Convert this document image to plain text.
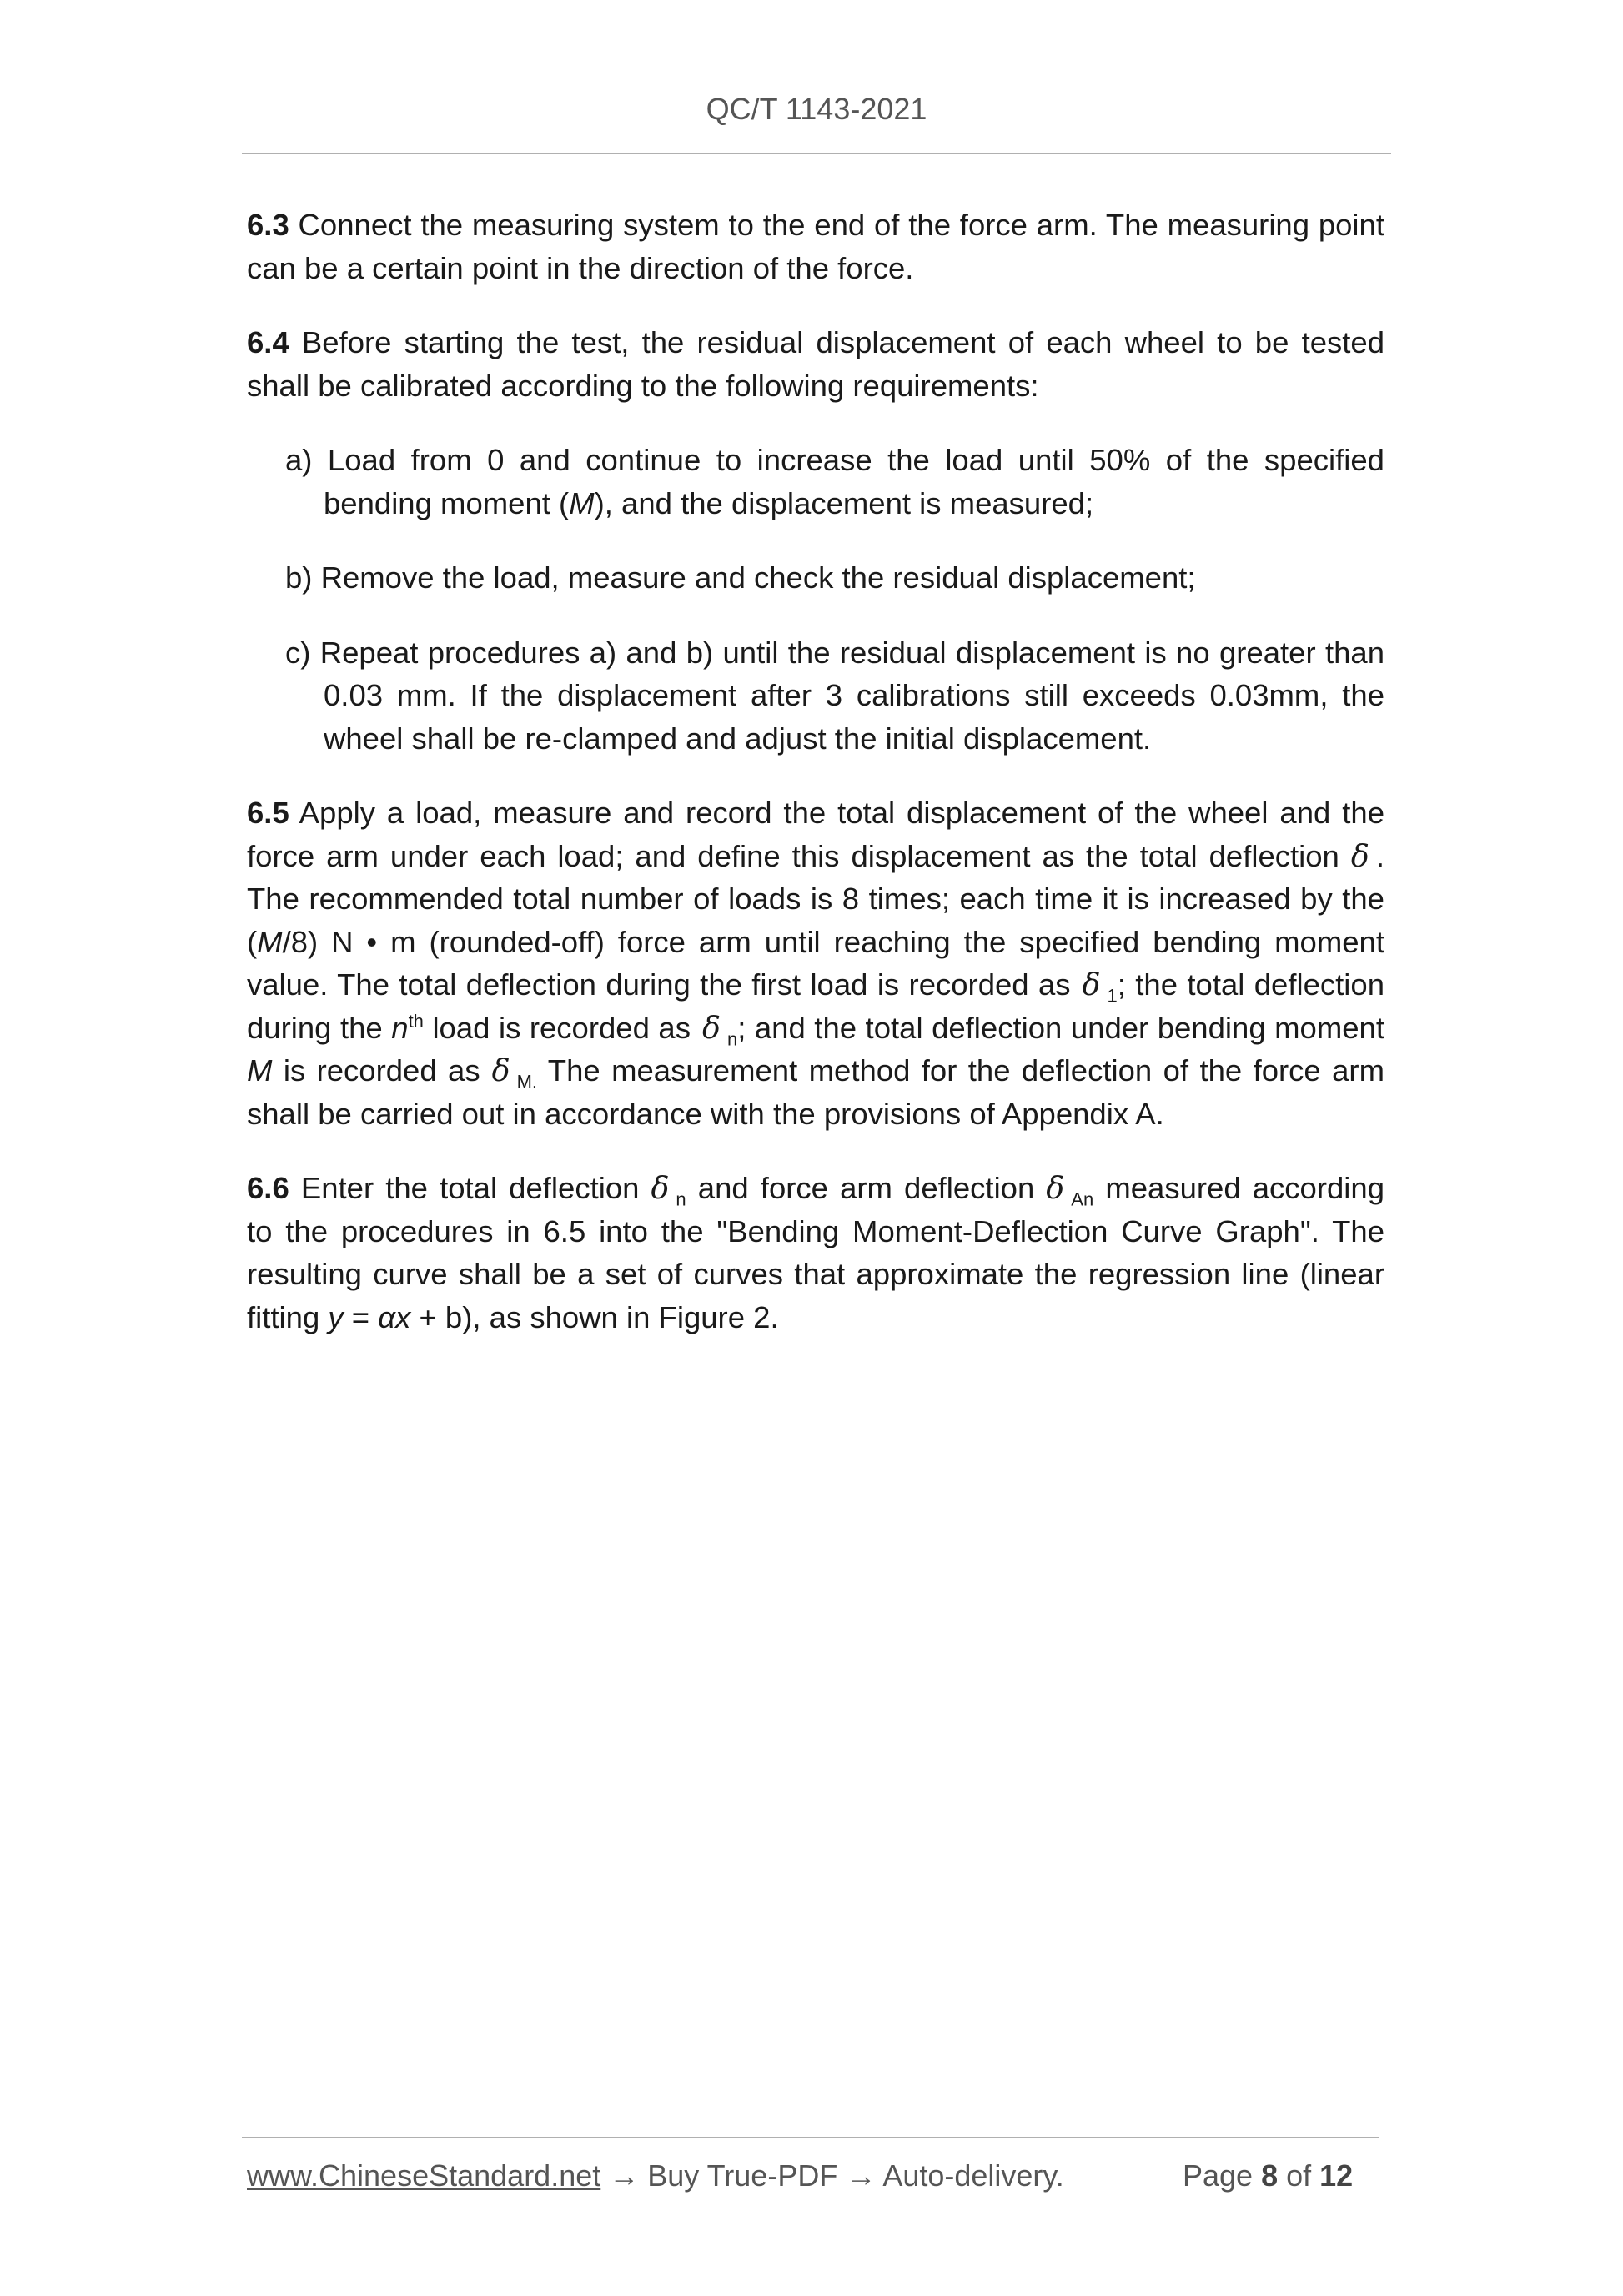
QC/T 1143-2021

6.3 Connect the measuring system to the end of the force arm. The measuring point can be a certain point in the direction of the force.

6.4 Before starting the test, the residual displacement of each wheel to be tested shall be calibrated according to the following requirements:

a) Load from 0 and continue to increase the load until 50% of the specified bending moment (M), and the displacement is measured;

b) Remove the load, measure and check the residual displacement;

c) Repeat procedures a) and b) until the residual displacement is no greater than 0.03 mm. If the displacement after 3 calibrations still exceeds 0.03mm, the wheel shall be re-clamped and adjust the initial displacement.

6.5 Apply a load, measure and record the total displacement of the wheel and the force arm under each load; and define this displacement as the total deflection δ . The recommended total number of loads is 8 times; each time it is increased by the (M/8) N • m (rounded-off) force arm until reaching the specified bending moment value. The total deflection during the first load is recorded as δ $_1$; the total deflection during the $n^{th}$ load is recorded as δ $_n$; and the total deflection under bending moment M is recorded as δ $_{M.}$ The measurement method for the deflection of the force arm shall be carried out in accordance with the provisions of Appendix A.

6.6 Enter the total deflection δ $_n$ and force arm deflection δ $_{An}$ measured according to the procedures in 6.5 into the "Bending Moment-Deflection Curve Graph". The resulting curve shall be a set of curves that approximate the regression line (linear fitting y = αx + b), as shown in Figure 2.

www.ChineseStandard.net → Buy True-PDF → Auto-delivery.	Page 8 of 12
